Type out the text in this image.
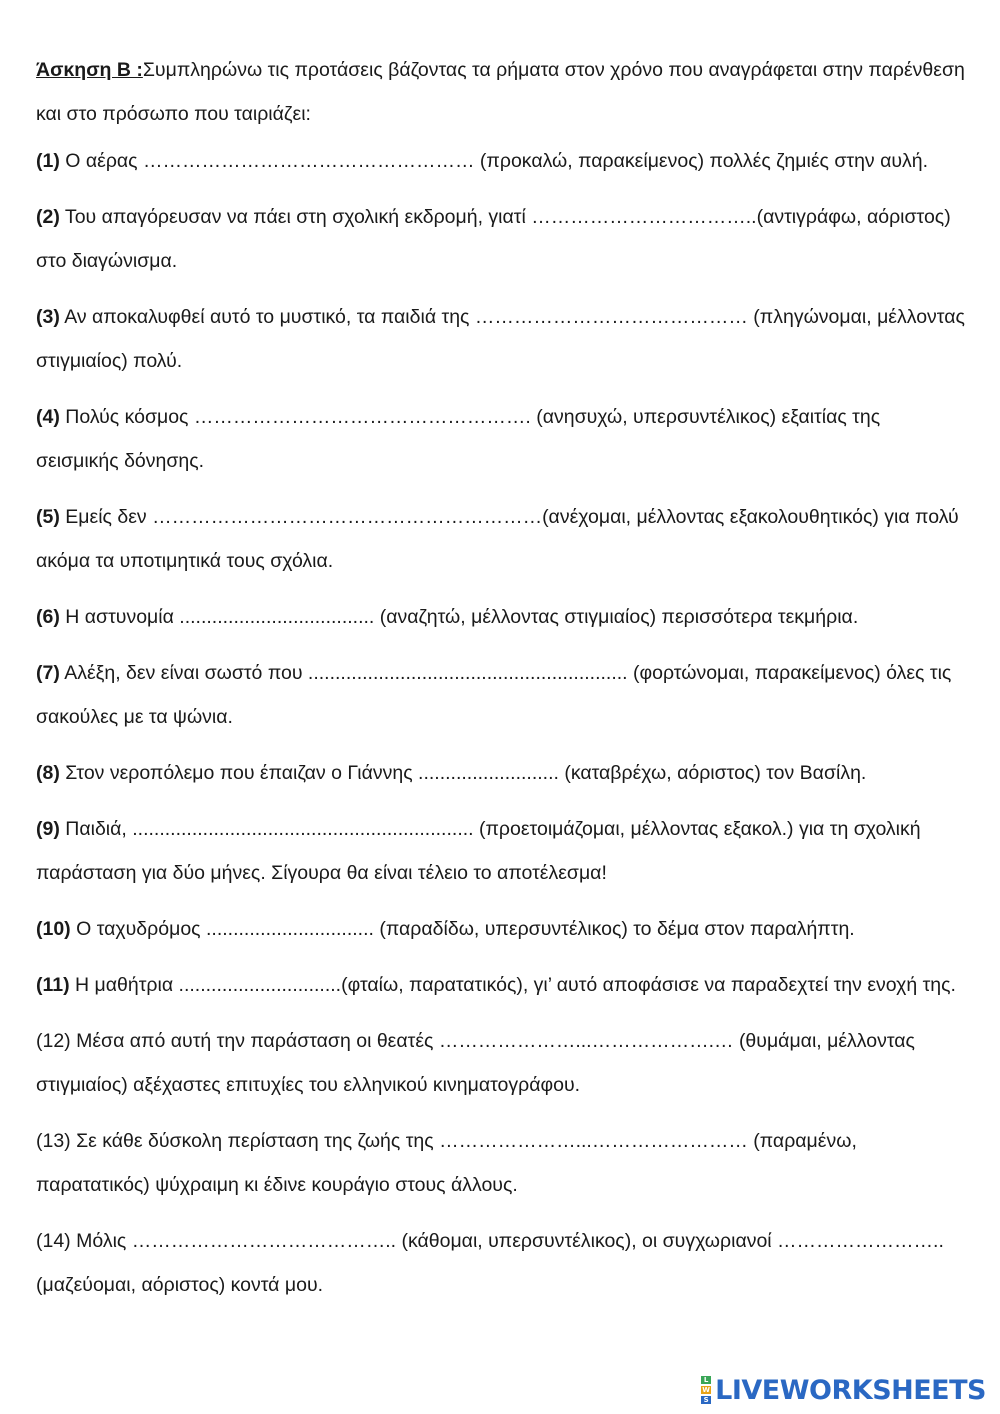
Άσκηση Β :Συμπληρώνω τις προτάσεις βάζοντας τα ρήματα στον χρόνο που αναγράφεται στην παρένθεση και στο πρόσωπο που ταιριάζει:

(1) Ο αέρας …………………………………………… (προκαλώ, παρακείμενος) πολλές ζημιές στην αυλή.

(2) Του απαγόρευσαν να πάει στη σχολική εκδρομή, γιατί ……………………………..(αντιγράφω, αόριστος) στο διαγώνισμα.

(3) Αν αποκαλυφθεί αυτό το μυστικό, τα παιδιά της …………………………………… (πληγώνομαι, μέλλοντας στιγμιαίος) πολύ.

(4) Πολύς κόσμος ……………………………………………. (ανησυχώ, υπερσυντέλικος) εξαιτίας της σεισμικής δόνησης.

(5) Εμείς δεν ……………………………………………………(ανέχομαι, μέλλοντας εξακολουθητικός) για πολύ ακόμα τα υποτιμητικά τους σχόλια.

(6) Η αστυνομία .................................... (αναζητώ, μέλλοντας στιγμιαίος) περισσότερα τεκμήρια.

(7) Αλέξη, δεν είναι σωστό που ........................................................... (φορτώνομαι, παρακείμενος) όλες τις σακούλες με τα ψώνια.

(8) Στον νεροπόλεμο που έπαιζαν ο Γιάννης .......................... (καταβρέχω, αόριστος) τον Βασίλη.

(9) Παιδιά, ............................................................... (προετοιμάζομαι, μέλλοντας εξακολ.) για τη σχολική παράσταση για δύο μήνες. Σίγουρα θα είναι τέλειο το αποτέλεσμα!

(10) Ο ταχυδρόμος ............................... (παραδίδω, υπερσυντέλικος) το δέμα στον παραλήπτη.

(11) Η μαθήτρια ..............................(φταίω, παρατατικός), γι’ αυτό αποφάσισε να παραδεχτεί την ενοχή της.

(12) Μέσα από αυτή την παράσταση οι θεατές …………………...……………….… (θυμάμαι, μέλλοντας στιγμιαίος) αξέχαστες επιτυχίες του ελληνικού κινηματογράφου.

(13) Σε κάθε δύσκολη περίσταση της ζωής της …………………...…………………… (παραμένω, παρατατικός) ψύχραιμη κι έδινε κουράγιο στους άλλους.

(14) Μόλις ………………………………….. (κάθομαι, υπερσυντέλικος), οι συγχωριανοί …………………….. (μαζεύομαι, αόριστος) κοντά μου.

L
W
S LIVEWORKSHEETS
